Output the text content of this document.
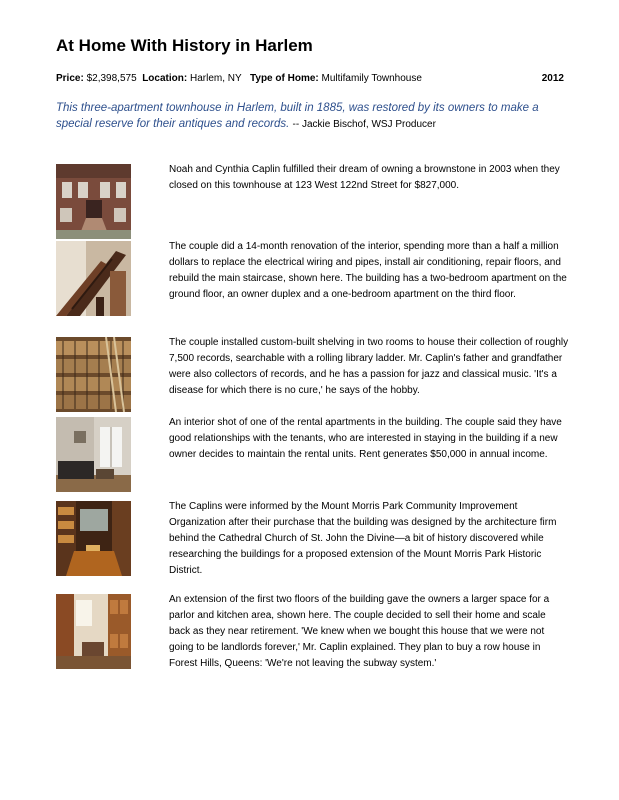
At Home With History in Harlem
Price: $2,398,575 Location: Harlem, NY Type of Home: Multifamily Townhouse	2012
This three-apartment townhouse in Harlem, built in 1885, was restored by its owners to make a special reserve for their antiques and records. -- Jackie Bischof, WSJ Producer

Noah and Cynthia Caplin fulfilled their dream of owning a brownstone in 2003 when they closed on this townhouse at 123 West 122nd Street for $827,000.

The couple did a 14-month renovation of the interior, spending more than a half a million dollars to replace the electrical wiring and pipes, install air conditioning, repair floors, and rebuild the main staircase, shown here. The building has a two-bedroom apartment on the ground floor, an owner duplex and a one-bedroom apartment on the third floor.

The couple installed custom-built shelving in two rooms to house their collection of roughly 7,500 records, searchable with a rolling library ladder. Mr. Caplin's father and grandfather were also collectors of records, and he has a passion for jazz and classical music. 'It's a disease for which there is no cure,' he says of the hobby.

An interior shot of one of the rental apartments in the building. The couple said they have good relationships with the tenants, who are interested in staying in the building if a new owner decides to maintain the rental units. Rent generates $50,000 in annual income.

The Caplins were informed by the Mount Morris Park Community Improvement Organization after their purchase that the building was designed by the architecture firm behind the Cathedral Church of St. John the Divine—a bit of history discovered while researching the buildings for a proposed extension of the Mount Morris Park Historic District.

An extension of the first two floors of the building gave the owners a larger space for a parlor and kitchen area, shown here. The couple decided to sell their home and scale back as they near retirement. 'We knew when we bought this house that we were not going to be landlords forever,' Mr. Caplin explained. They plan to buy a row house in Forest Hills, Queens: 'We're not leaving the subway system.'
